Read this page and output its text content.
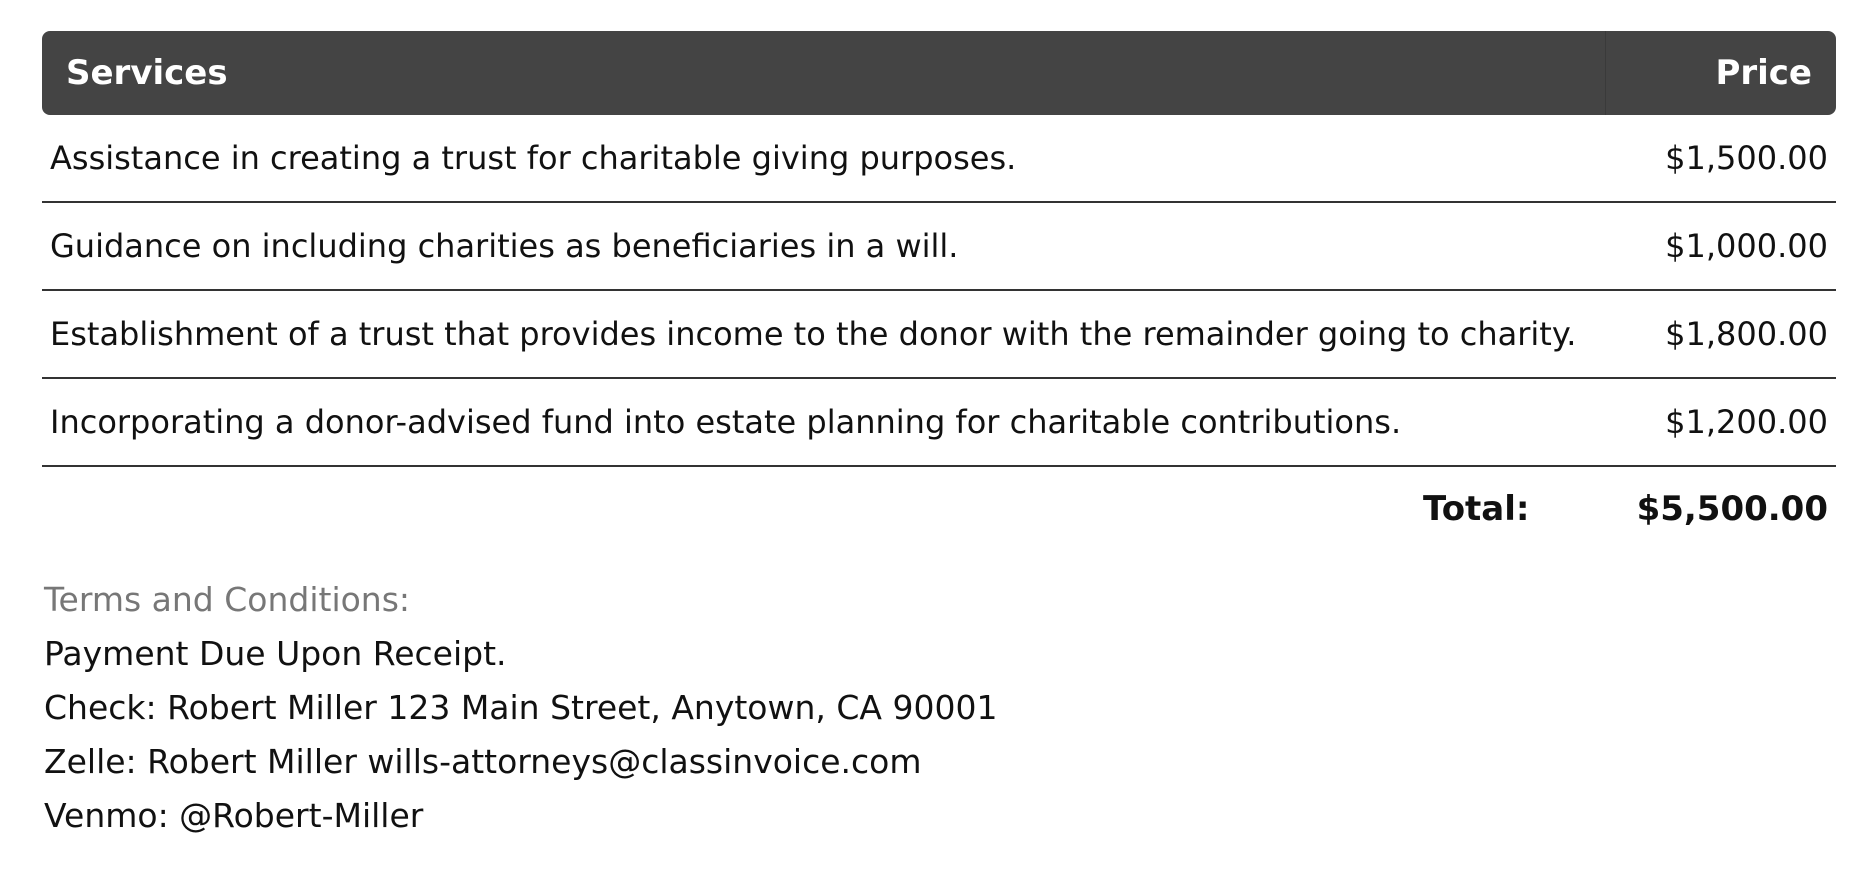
Services	Price
Assistance in creating a trust for charitable giving purposes.	$1,500.00
Guidance on including charities as beneficiaries in a will.	$1,000.00
Establishment of a trust that provides income to the donor with the remainder going to charity.	$1,800.00
Incorporating a donor-advised fund into estate planning for charitable contributions.	$1,200.00
Total:	$5,500.00
Terms and Conditions:
Payment Due Upon Receipt.
Check: Robert Miller 123 Main Street, Anytown, CA 90001
Zelle: Robert Miller wills-attorneys@classinvoice.com
Venmo: @Robert-Miller
